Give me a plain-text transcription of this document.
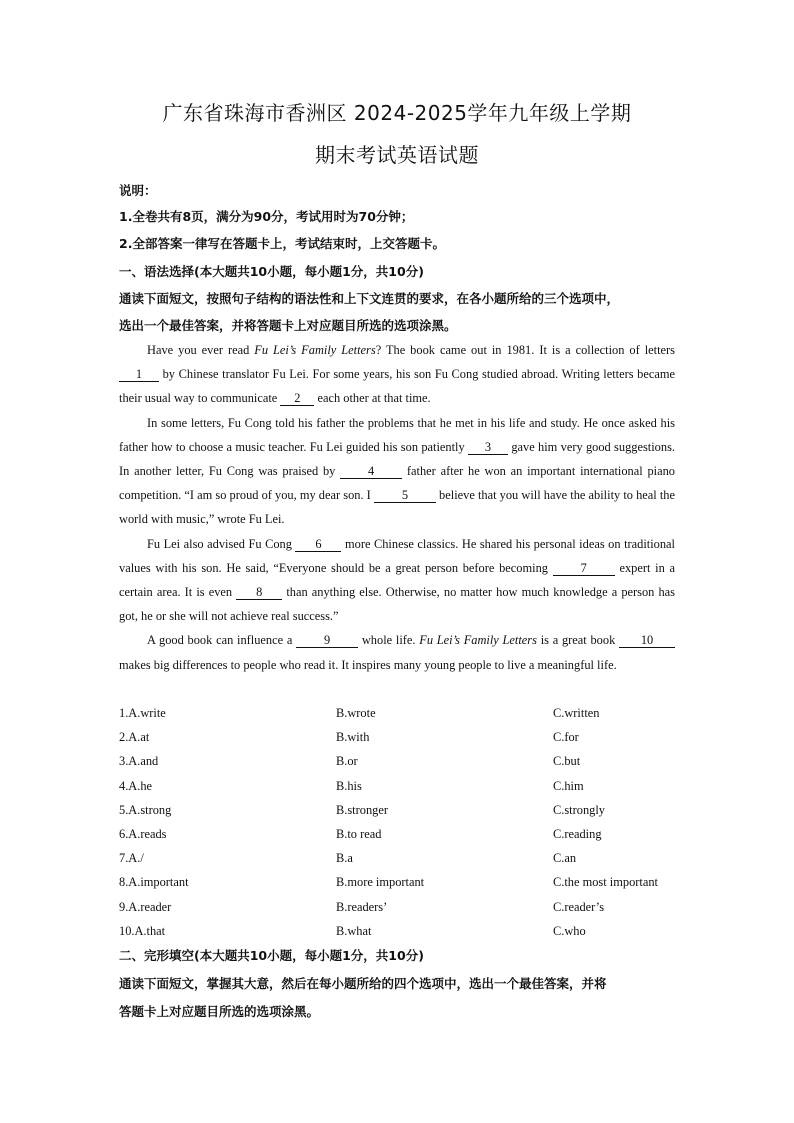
广东省珠海市香洲区 2024-2025学年九年级上学期
期末考试英语试题
说明：
1.全卷共有8页，满分为90分，考试用时为70分钟；
2.全部答案一律写在答题卡上，考试结束时，上交答题卡。
一、语法选择(本大题共10小题，每小题1分，共10分)
通读下面短文，按照句子结构的语法性和上下文连贯的要求，在各小题所给的三个选项中，
选出一个最佳答案，并将答题卡上对应题目所选的选项涂黑。

Have you ever read Fu Lei’s Family Letters? The book came out in 1981. It is a collection of letters 1 by Chinese translator Fu Lei. For some years, his son Fu Cong studied abroad. Writing letters became their usual way to communicate 2 each other at that time.

In some letters, Fu Cong told his father the problems that he met in his life and study. He once asked his father how to choose a music teacher. Fu Lei guided his son patiently 3 gave him very good suggestions. In another letter, Fu Cong was praised by 4 father after he won an important international piano competition. “I am so proud of you, my dear son. I 5 believe that you will have the ability to heal the world with music,” wrote Fu Lei.

Fu Lei also advised Fu Cong 6 more Chinese classics. He shared his personal ideas on traditional values with his son. He said, “Everyone should be a great person before becoming 7 expert in a certain area. It is even 8 than anything else. Otherwise, no matter how much knowledge a person has got, he or she will not achieve real success.”

A good book can influence a 9 whole life. Fu Lei’s Family Letters is a great book 10 makes big differences to people who read it. It inspires many young people to live a meaningful life.

1.A.write	B.wrote	C.written
2.A.at	B.with	C.for
3.A.and	B.or	C.but
4.A.he	B.his	C.him
5.A.strong	B.stronger	C.strongly
6.A.reads	B.to read	C.reading
7.A./	B.a	C.an
8.A.important	B.more important	C.the most important
9.A.reader	B.readers’	C.reader’s
10.A.that	B.what	C.who
二、完形填空(本大题共10小题，每小题1分，共10分)
通读下面短文，掌握其大意，然后在每小题所给的四个选项中，选出一个最佳答案，并将
答题卡上对应题目所选的选项涂黑。
